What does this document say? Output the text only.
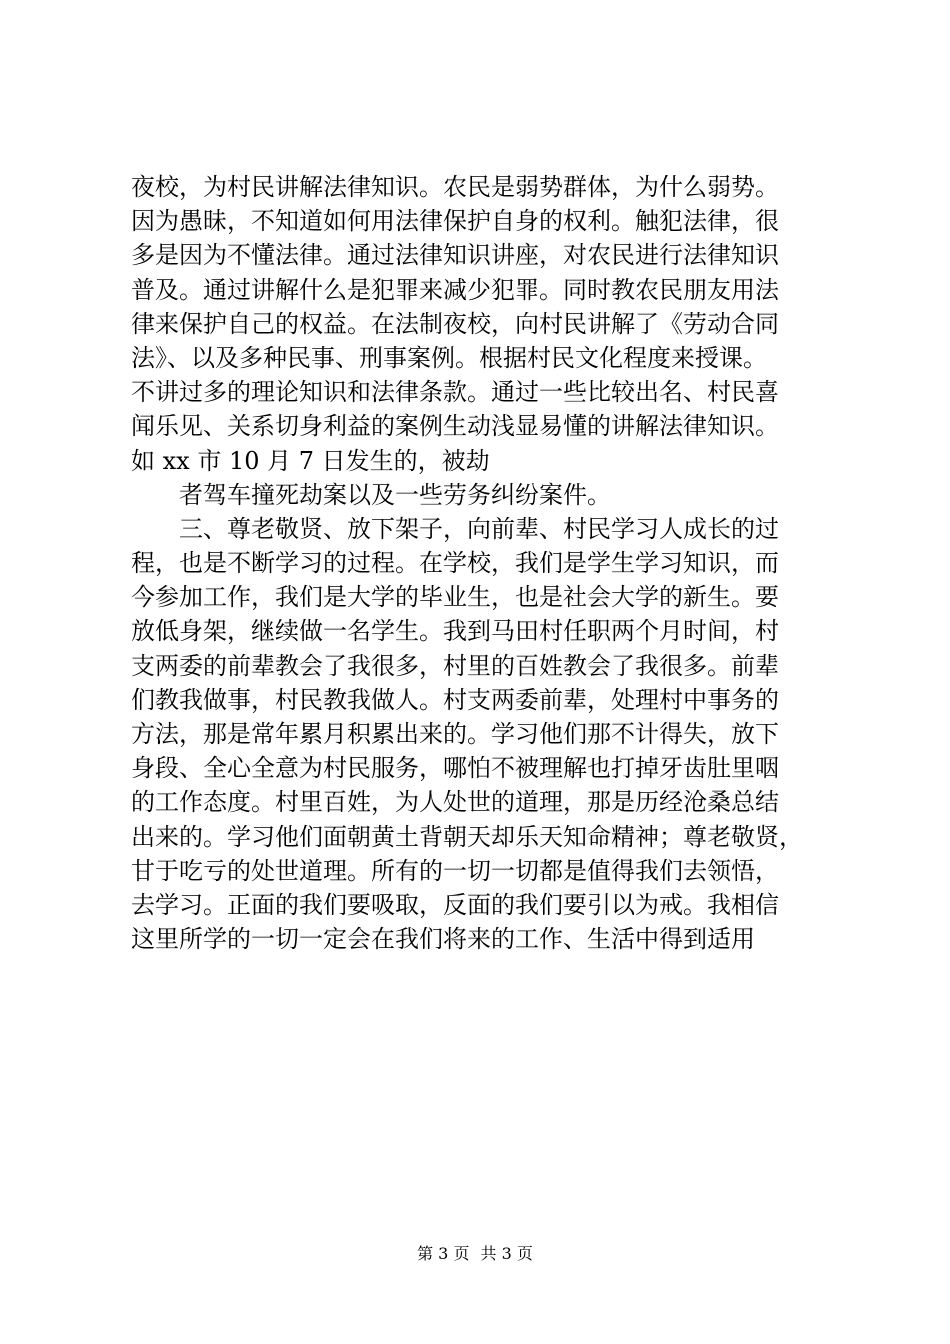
夜校，为村民讲解法律知识。农民是弱势群体，为什么弱势。
因为愚昧，不知道如何用法律保护自身的权利。触犯法律，很
多是因为不懂法律。通过法律知识讲座，对农民进行法律知识
普及。通过讲解什么是犯罪来减少犯罪。同时教农民朋友用法
律来保护自己的权益。在法制夜校，向村民讲解了《劳动合同
法》、以及多种民事、刑事案例。根据村民文化程度来授课。
不讲过多的理论知识和法律条款。通过一些比较出名、村民喜
闻乐见、关系切身利益的案例生动浅显易懂的讲解法律知识。
如 xx 市 10 月 7 日发生的，被劫
者驾车撞死劫案以及一些劳务纠纷案件。
三、尊老敬贤、放下架子，向前辈、村民学习人成长的过
程，也是不断学习的过程。在学校，我们是学生学习知识，而
今参加工作，我们是大学的毕业生，也是社会大学的新生。要
放低身架，继续做一名学生。我到马田村任职两个月时间，村
支两委的前辈教会了我很多，村里的百姓教会了我很多。前辈
们教我做事，村民教我做人。村支两委前辈，处理村中事务的
方法，那是常年累月积累出来的。学习他们那不计得失，放下
身段、全心全意为村民服务，哪怕不被理解也打掉牙齿肚里咽
的工作态度。村里百姓，为人处世的道理，那是历经沧桑总结
出来的。学习他们面朝黄土背朝天却乐天知命精神；尊老敬贤，
甘于吃亏的处世道理。所有的一切一切都是值得我们去领悟，
去学习。正面的我们要吸取，反面的我们要引以为戒。我相信
这里所学的一切一定会在我们将来的工作、生活中得到适用
第 3 页 共 3 页
